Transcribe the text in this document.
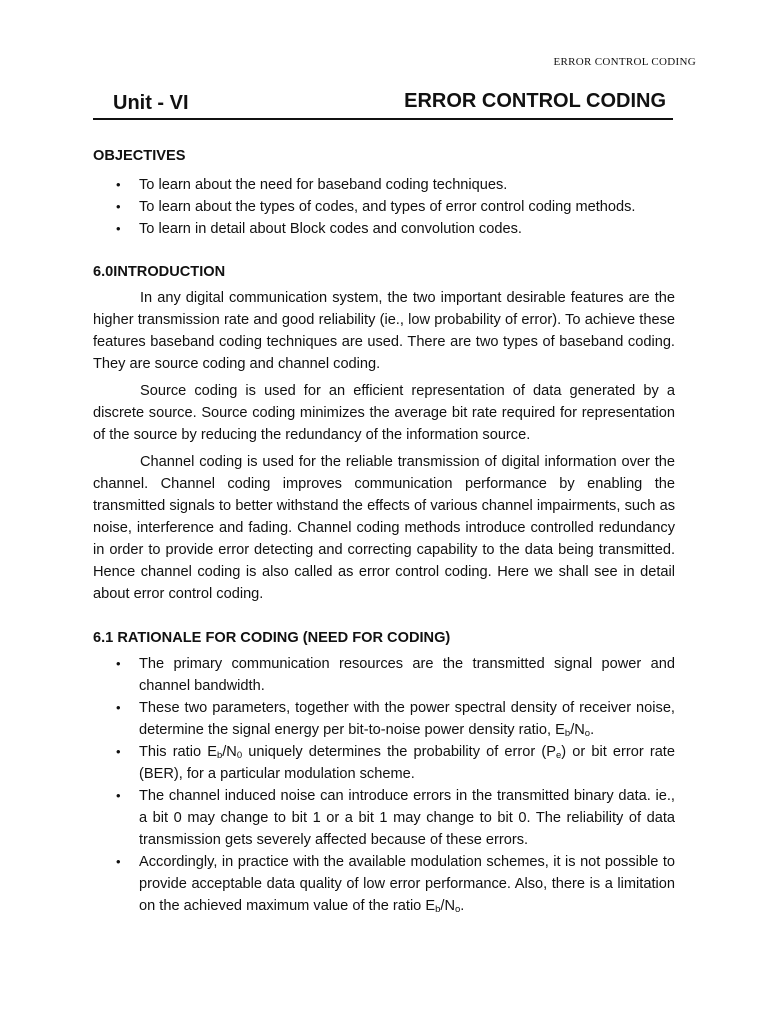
ERROR CONTROL CODING
Unit - VI	ERROR CONTROL CODING

OBJECTIVES

• To learn about the need for baseband coding techniques.
• To learn about the types of codes, and types of error control coding methods.
• To learn in detail about Block codes and convolution codes.

6.0INTRODUCTION

In any digital communication system, the two important desirable features are the higher transmission rate and good reliability (ie., low probability of error). To achieve these features baseband coding techniques are used. There are two types of baseband coding. They are source coding and channel coding.

Source coding is used for an efficient representation of data generated by a discrete source. Source coding minimizes the average bit rate required for representation of the source by reducing the redundancy of the information source.

Channel coding is used for the reliable transmission of digital information over the channel. Channel coding improves communication performance by enabling the transmitted signals to better withstand the effects of various channel impairments, such as noise, interference and fading. Channel coding methods introduce controlled redundancy in order to provide error detecting and correcting capability to the data being transmitted. Hence channel coding is also called as error control coding. Here we shall see in detail about error control coding.

6.1 RATIONALE FOR CODING (NEED FOR CODING)

• The primary communication resources are the transmitted signal power and channel bandwidth.
• These two parameters, together with the power spectral density of receiver noise, determine the signal energy per bit-to-noise power density ratio, $E_b/N_o$.
• This ratio $E_b/N_0$ uniquely determines the probability of error $(P_e)$ or bit error rate (BER), for a particular modulation scheme.
• The channel induced noise can introduce errors in the transmitted binary data. ie., a bit 0 may change to bit 1 or a bit 1 may change to bit 0. The reliability of data transmission gets severely affected because of these errors.
• Accordingly, in practice with the available modulation schemes, it is not possible to provide acceptable data quality of low error performance. Also, there is a limitation on the achieved maximum value of the ratio $E_b/N_o$.
